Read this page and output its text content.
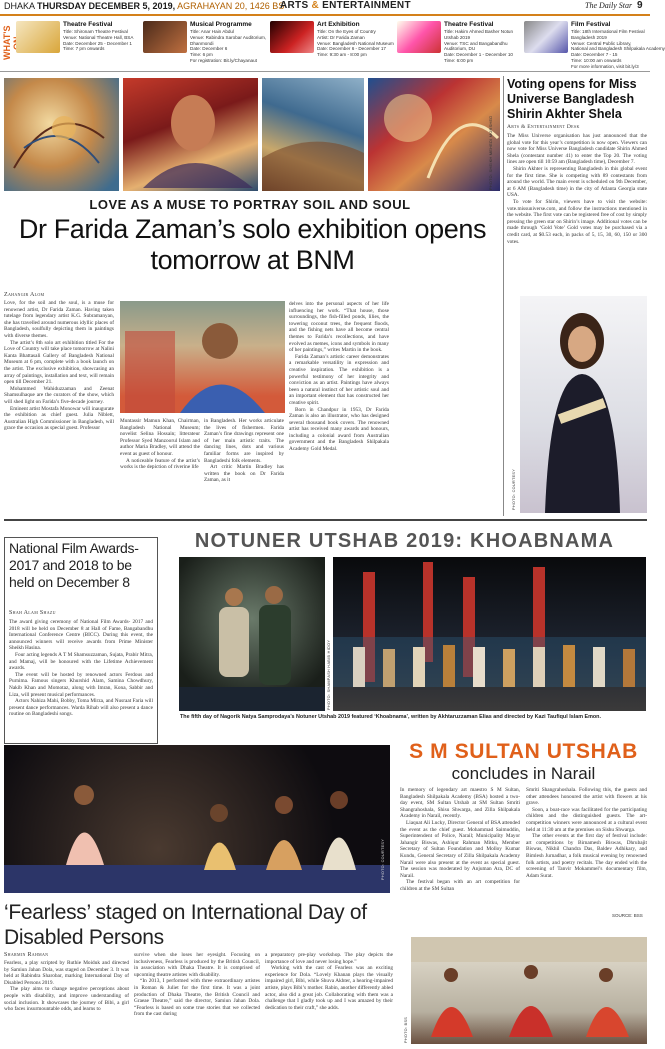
DHAKA THURSDAY DECEMBER 5, 2019, AGRAHAYAN 20, 1426 BS
ARTS & ENTERTAINMENT	The Daily Star 9
WHAT'S
Theatre Festival
Title: Shironam Theatre Festival
Venue: National Theatre Hall, BSA
Date: December 25 - December 1
Time: 7 pm onwards
Musical Programme
Title: Anar Hain Abdul
Venue: Rabindra Sarobar Auditorium,
Dhanmondi
Date: December 6
Time: 6 pm
For registration: Bit.ly/Chayanaut
Art Exhibition
Title: On the Eyes of Country
Artist: Dr Farida Zaman
Venue: Bangladesh National Museum
Date: December 6 - December 17
Time: 9:30 am - 8:00 pm
Theatre Festival
Title: Hakim Ahmed Basher Notun
Utshab 2019
Venue: TSC and Bangabandhu
Auditorium, DU
Date: December 1 - December 10
Time: 6:00 pm
Film Festival
Title: 18th International Film Festival
Bangladesh 2019
Venue: Central Public Library,
National and Bangladesh Shilpakala Academy
Date: December 7 - 15
Time: 10:00 am onwards
For more information, visit bit.ly/3
PHOTO: SHEIKH MEHEDI MORSHED
LOVE AS A MUSE TO PORTRAY SOIL AND SOUL
Dr Farida Zaman’s solo exhibition opens tomorrow at BNM
Zahangir Alom

Love, for the soil and the soul, is a muse for renowned artist, Dr Farida Zaman. Having taken tutelage from legendary artist K.G. Subramanyan, she has travelled around numerous idyllic places of Bangladesh, soulfully depicting them in paintings with diverse themes.

The artist’s 8th solo art exhibition titled For the Love of Country will take place tomorrow at Nalini Kanta Bhattasali Gallery of Bangladesh National Museum at 6 pm, complete with a book launch on the artist. The exclusive exhibition, showcasing an array of paintings, installation and text, will remain open till December 21.

Mohammed Wahiduzzaman and Zeenat Shamsulhaque are the curators of the show, which will shed light on Farida’s five-decade journey.

Eminent artist Mostafa Monowar will inaugurate the exhibition as chief guest. Julia Niblett, Australian High Commissioner in Bangladesh, will grace the occasion as special guest. Professor

Muntassir Mamun Khan, Chairman, Bangladesh National Museum; novelist Selina Hossain; litterateur Professor Syed Manzoorul Islam and author Maria Bradley, will attend the event as guest of honour.

A noticeable feature of the artist’s works is the depiction of riverine life

in Bangladesh. Her works articulate the lives of fishermen. Farida Zaman’s fine drawings represent one of her main artistic traits. The dancing lines, dots and various familiar forms are inspired by Bangladeshi folk elements.

Art critic Martin Bradley has written the book on Dr Farida Zaman, as it

delves into the personal aspects of her life influencing her work. “That house, those surroundings, the fish-filled ponds, lilies, the towering coconut trees, the frequent floods, and the fishing nets have all become central themes to Farida’s recollections, and have evolved as memes, icons and symbols in many of her paintings,” writes Martin in the book.

Farida Zaman’s artistic career demonstrates a remarkable versatility in expression and creative inspiration. The exhibition is a powerful testimony of her integrity and conviction as an artist. Paintings have always been a natural instinct of her artistic soul and an important element that has constructed her creative spirit.

Born in Chandpur in 1953, Dr Farida Zaman is also an illustrator, who has designed several thousand book covers. The renowned artist has received many awards and honours, including a colonial award from Australian government and the Bangladesh Shilpakala Academy Gold Medal.

Voting opens for Miss Universe Bangladesh Shirin Akhter Shela
Arts & Entertainment Desk

The Miss Universe organisation has just announced that the global vote for this year’s competition is now open. Viewers can now vote for Miss Universe Bangladesh candidate Shirin Ahmed Shela (contestant number 41) to enter the Top 20. The voting lines are open till 10:59 am (Bangladesh time), December 7.

Shirin Akhter is representing Bangladesh in this global event for the first time. She is competing with 89 contestants from around the world. The main event is scheduled on 9th December, at 6 AM (Bangladesh time) in the city of Atlanta Georgia state USA.

To vote for Shirin, viewers have to visit the website: vote.missuniverse.com, and follow the instructions mentioned in the website. The first vote can be registered free of cost by simply pressing the green star on Shirin’s image. Additional votes can be made through ‘Gold Vote’ Gold votes may be purchased via a credit card, at $0.53 each, in packs of 5, 15, 30, 60, 150 or 300 votes.

PHOTO: COURTESY
National Film Awards- 2017 and 2018 to be held on December 8
Shah Alam Shazu

The award giving ceremony of National Film Awards- 2017 and 2018 will be held on December 8 at Hall of Fame, Bangabandhu International Conference Centre (BICC). During this event, the announced winners will receive awards from Prime Minister Sheikh Hasina.

Four acting legends A T M Shamsuzzaman, Sujata, Prabir Mitra, and Mamaj, will be honoured with the Lifetime Achievement awards.

The event will be hosted by renowned actors Ferdous and Purnima. Famous singers Khurshid Alam, Samina Chowdhury, Nakib Khan and Momotaz, along with Imran, Kona, Sabbir and Liza, will present musical performances.

Actors Nahiza Mahi, Bobby, Toma Mirza, and Nusraat Faria will present dance performances. Warda Rihab will also present a dance routine on Bangladeshi songs.

NOTUNER UTSHAB 2019: KHOABNAMA
PHOTO: SHAMPASH HABIB HIDOY
The fifth day of Nagorik Natya Samprodaya’s Notuner Utshab 2019 featured ‘Khoabnama’, written by Akhtaruzzaman Elias and directed by Kazi Taufiqul Islam Emon.
PHOTO: COURTESY
‘Fearless’ staged on International Day of Disabled Persons
Sharmin Rahman

Fearless, a play scripted by Ruthie Moiduk and directed by Samiun Jahan Dola, was staged on December 3. It was held at Rabindra Sharobar, marking International Day of Disabled Persons 2019.

The play aims to change negative perceptions about people with disability, and improve understanding of social inclusion. It showcases the journey of Bibi, a girl who faces insurmountable odds, and learns to

survive when she loses her eyesight. Focusing on inclusiveness, Fearless is produced by the British Council, in association with Dhaka Theatre. It is comprised of upcoming theatre artistes with disability.

“In 2013, I performed with three extraordinary artistes in Roman & Juliet for the first time. It was a joint production of Dhaka Theatre, the British Council and Graeae Theatre,” said the director, Samiun Jahan Dola. “Fearless is based on some true stories that we collected from the cast during

a preparatory pre-play workshop. The play depicts the importance of love and never losing hope.”

Working with the cast of Fearless was an exciting experience for Dola. “Lovely Khanan plays the visually impaired girl, Bibi, while Shuva Akhter, a hearing-impaired artiste, plays Bibi’s mother. Rabin, another differently abled actor, also did a great job. Collaborating with them was a challenge that I gladly took up and I was amazed by their dedication to their craft,” she adds.

S M SULTAN UTSHAB
concludes in Narail

In memory of legendary art maestro S M Sultan, Bangladesh Shilpakala Academy (BSA) hosted a two-day event, SM Sultan Utshab at SM Sultan Smriti Shangrahoshala, Shisu Shwarga, and Zilla Shilpakala Academy in Narail, recently.

Liaquat Ali Lucky, Director General of BSA attended the event as the chief guest. Mohammad Saimuddin, Superintendent of Police, Narail; Municipality Mayor Jahangir Biswas, Ashiqur Rahman Mitku, Member Secretary of Sultan Foundation and Molloy Kumar Kundu, General Secretary of Zilla Shilpakala Academy Narail were also present at the event as special guest. The session was moderated by Anjuman Ara, DC of Narail.

The festival began with an art competition for children at the SM Sultan

Smriti Shangrahoshala. Following this, the guests and other attendees honoured the artist with flowers at his grave.

Soon, a boat-race was facilitated for the participating children and the distinguished guests. The art-competition winners were announced at a cultural event held at 11:30 am at the premises on Sishu Shwarga.

The other events at the first day of festival include: art competitions by Birnamesh Biswas, Dhrubajit Biswas, Nikhil Chandra Das, Baldev Adhikary, and Bimlesh Jurnadhar, a folk musical evening by renowned folk artists, and poetry recitals. The day ended with the screening of Tanvir Mokammel’s documentary film, Adam Surat.

SOURCE: BSS
PHOTO: BSS
